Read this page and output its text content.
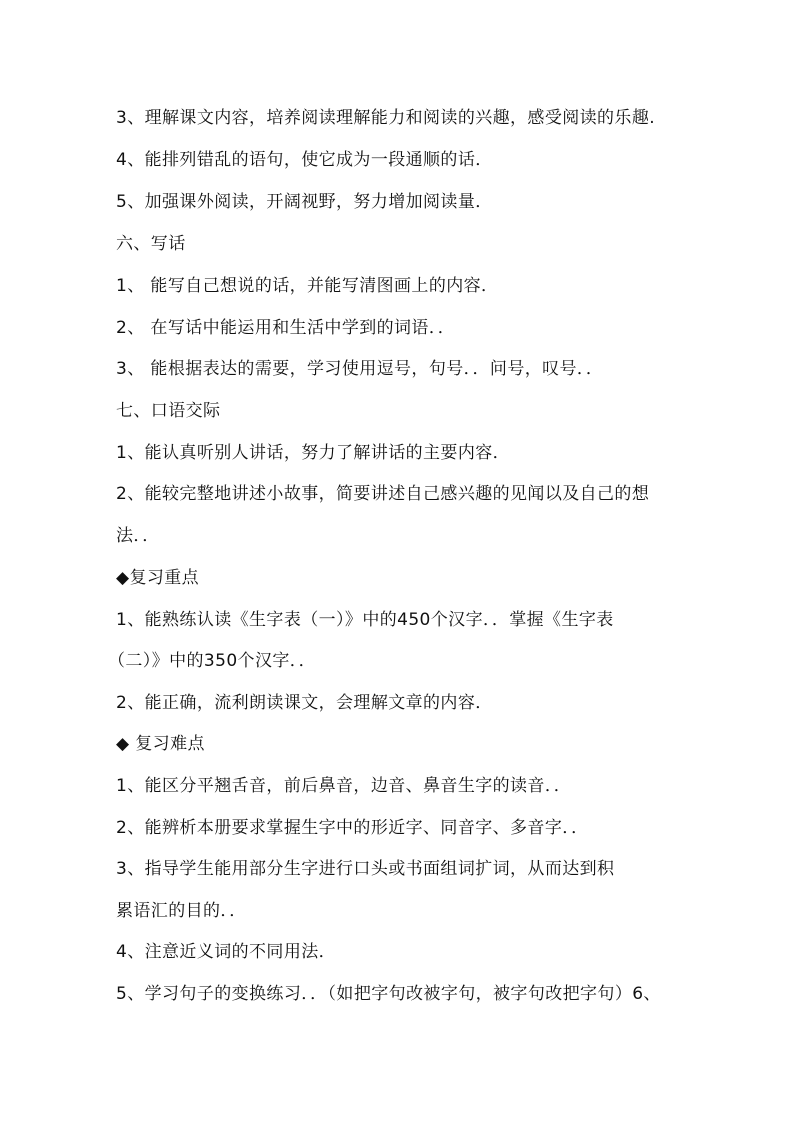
3、理解课文内容，培养阅读理解能力和阅读的兴趣，感受阅读的乐趣.
4、能排列错乱的语句，使它成为一段通顺的话．
5、加强课外阅读，开阔视野，努力增加阅读量．
六、写话
1、 能写自己想说的话，并能写清图画上的内容．
2、 在写话中能运用和生活中学到的词语．．
3、 能根据表达的需要，学习使用逗号，句号．．问号，叹号．．
七、口语交际
1、能认真听别人讲话，努力了解讲话的主要内容．
2、能较完整地讲述小故事，简要讲述自己感兴趣的见闻以及自己的想
法．．
◆复习重点
1、能熟练认读《生字表（一）》中的450个汉字．．掌握《生字表
（二）》中的350个汉字．．
2、能正确，流利朗读课文，会理解文章的内容．
◆ 复习难点
1、能区分平翘舌音，前后鼻音，边音、鼻音生字的读音．．
2、能辨析本册要求掌握生字中的形近字、同音字、多音字．．
3、指导学生能用部分生字进行口头或书面组词扩词，从而达到积
累语汇的目的．．
4、注意近义词的不同用法．
5、学习句子的变换练习．．（如把字句改被字句，被字句改把字句）6、
